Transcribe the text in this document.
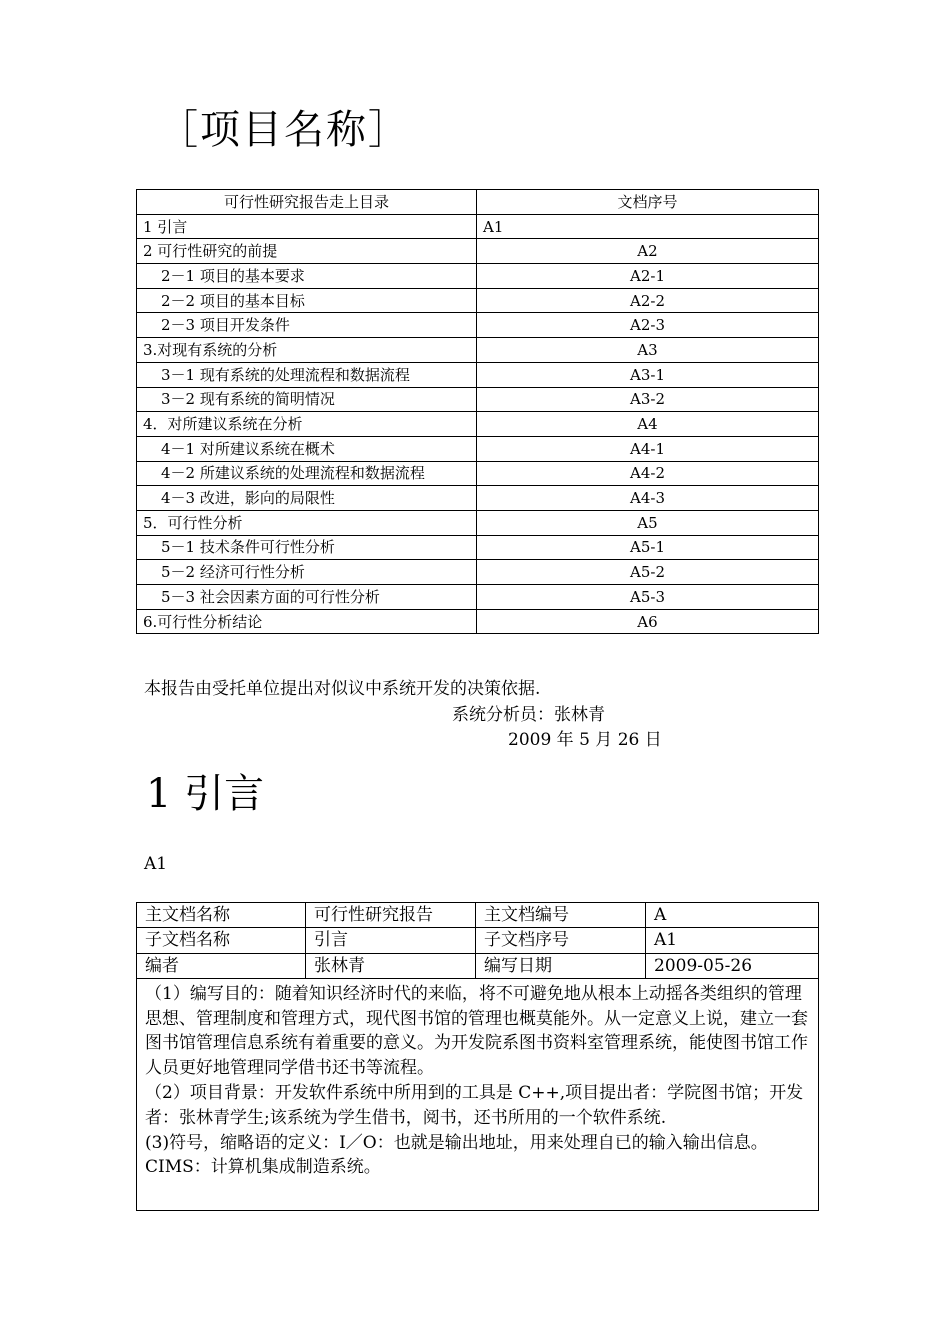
［项目名称］
可行性研究报告走上目录	文档序号
1 引言	A1
2 可行性研究的前提	A2
2－1 项目的基本要求	A2-1
2－2 项目的基本目标	A2-2
2－3 项目开发条件	A2-3
3.对现有系统的分析	A3
3－1 现有系统的处理流程和数据流程	A3-1
3－2 现有系统的简明情况	A3-2
4．对所建议系统在分析	A4
4－1 对所建议系统在概术	A4-1
4－2 所建议系统的处理流程和数据流程	A4-2
4－3 改进，影向的局限性	A4-3
5．可行性分析	A5
5－1 技术条件可行性分析	A5-1
5－2 经济可行性分析	A5-2
5－3 社会因素方面的可行性分析	A5-3
6.可行性分析结论	A6
本报告由受托单位提出对似议中系统开发的决策依据.
系统分析员：张林青
2009 年 5 月 26 日
1 引言
A1
主文档名称	可行性研究报告	主文档编号	A
子文档名称	引言	子文档序号	A1
编者	张林青	编写日期	2009-05-26

（1）编写目的：随着知识经济时代的来临，将不可避免地从根本上动摇各类组织的管理思想、管理制度和管理方式，现代图书馆的管理也概莫能外。从一定意义上说，建立一套图书馆管理信息系统有着重要的意义。为开发院系图书资料室管理系统，能使图书馆工作人员更好地管理同学借书还书等流程。
（2）项目背景：开发软件系统中所用到的工具是 C++,项目提出者：学院图书馆；开发者：张林青学生;该系统为学生借书，阅书，还书所用的一个软件系统.
(3)符号，缩略语的定义：I／O：也就是输出地址，用来处理自已的输入输出信息。
CIMS：计算机集成制造系统。			
